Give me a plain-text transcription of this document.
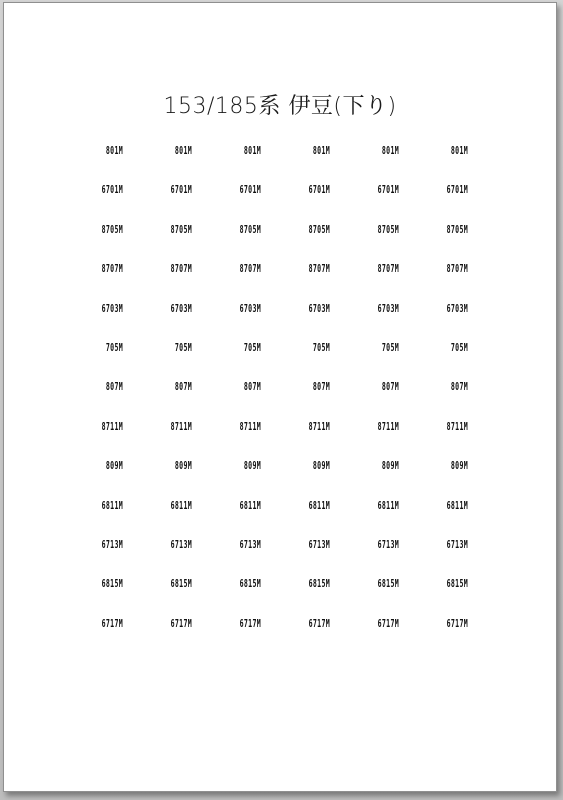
153/185系 伊豆(下り)
801M	801M	801M	801M	801M	801M
6701M	6701M	6701M	6701M	6701M	6701M
8705M	8705M	8705M	8705M	8705M	8705M
8707M	8707M	8707M	8707M	8707M	8707M
6703M	6703M	6703M	6703M	6703M	6703M
705M	705M	705M	705M	705M	705M
807M	807M	807M	807M	807M	807M
8711M	8711M	8711M	8711M	8711M	8711M
809M	809M	809M	809M	809M	809M
6811M	6811M	6811M	6811M	6811M	6811M
6713M	6713M	6713M	6713M	6713M	6713M
6815M	6815M	6815M	6815M	6815M	6815M
6717M	6717M	6717M	6717M	6717M	6717M
